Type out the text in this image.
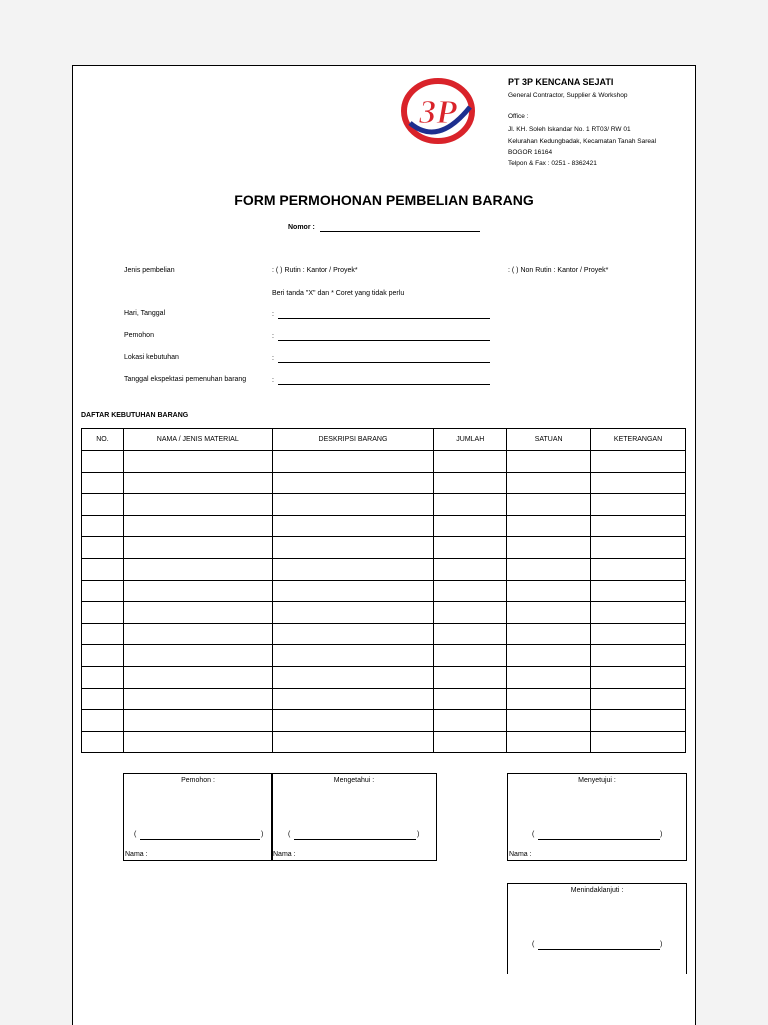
3P
PT 3P KENCANA SEJATI
General Contractor, Supplier & Workshop
Office :
Jl. KH. Soleh Iskandar No. 1 RT03/ RW 01
Kelurahan Kedungbadak, Kecamatan Tanah Sareal
BOGOR 16164
Telpon & Fax : 0251 - 8362421
FORM PERMOHONAN PEMBELIAN BARANG
Nomor :
Jenis pembelian	: ( ) Rutin : Kantor / Proyek*	: ( ) Non Rutin : Kantor / Proyek*
Beri tanda "X" dan * Coret yang tidak perlu
Hari, Tanggal	:
Pemohon	:
Lokasi kebutuhan	:
Tanggal ekspektasi pemenuhan barang	:
DAFTAR KEBUTUHAN BARANG
NO.	NAMA / JENIS MATERIAL	DESKRIPSI BARANG	JUMLAH	SATUAN	KETERANGAN

Pemohon :
(	)
Nama :
Mengetahui :
(	)
Nama :
Menyetujui :
(	)
Nama :
Menindaklanjuti :
(	)
